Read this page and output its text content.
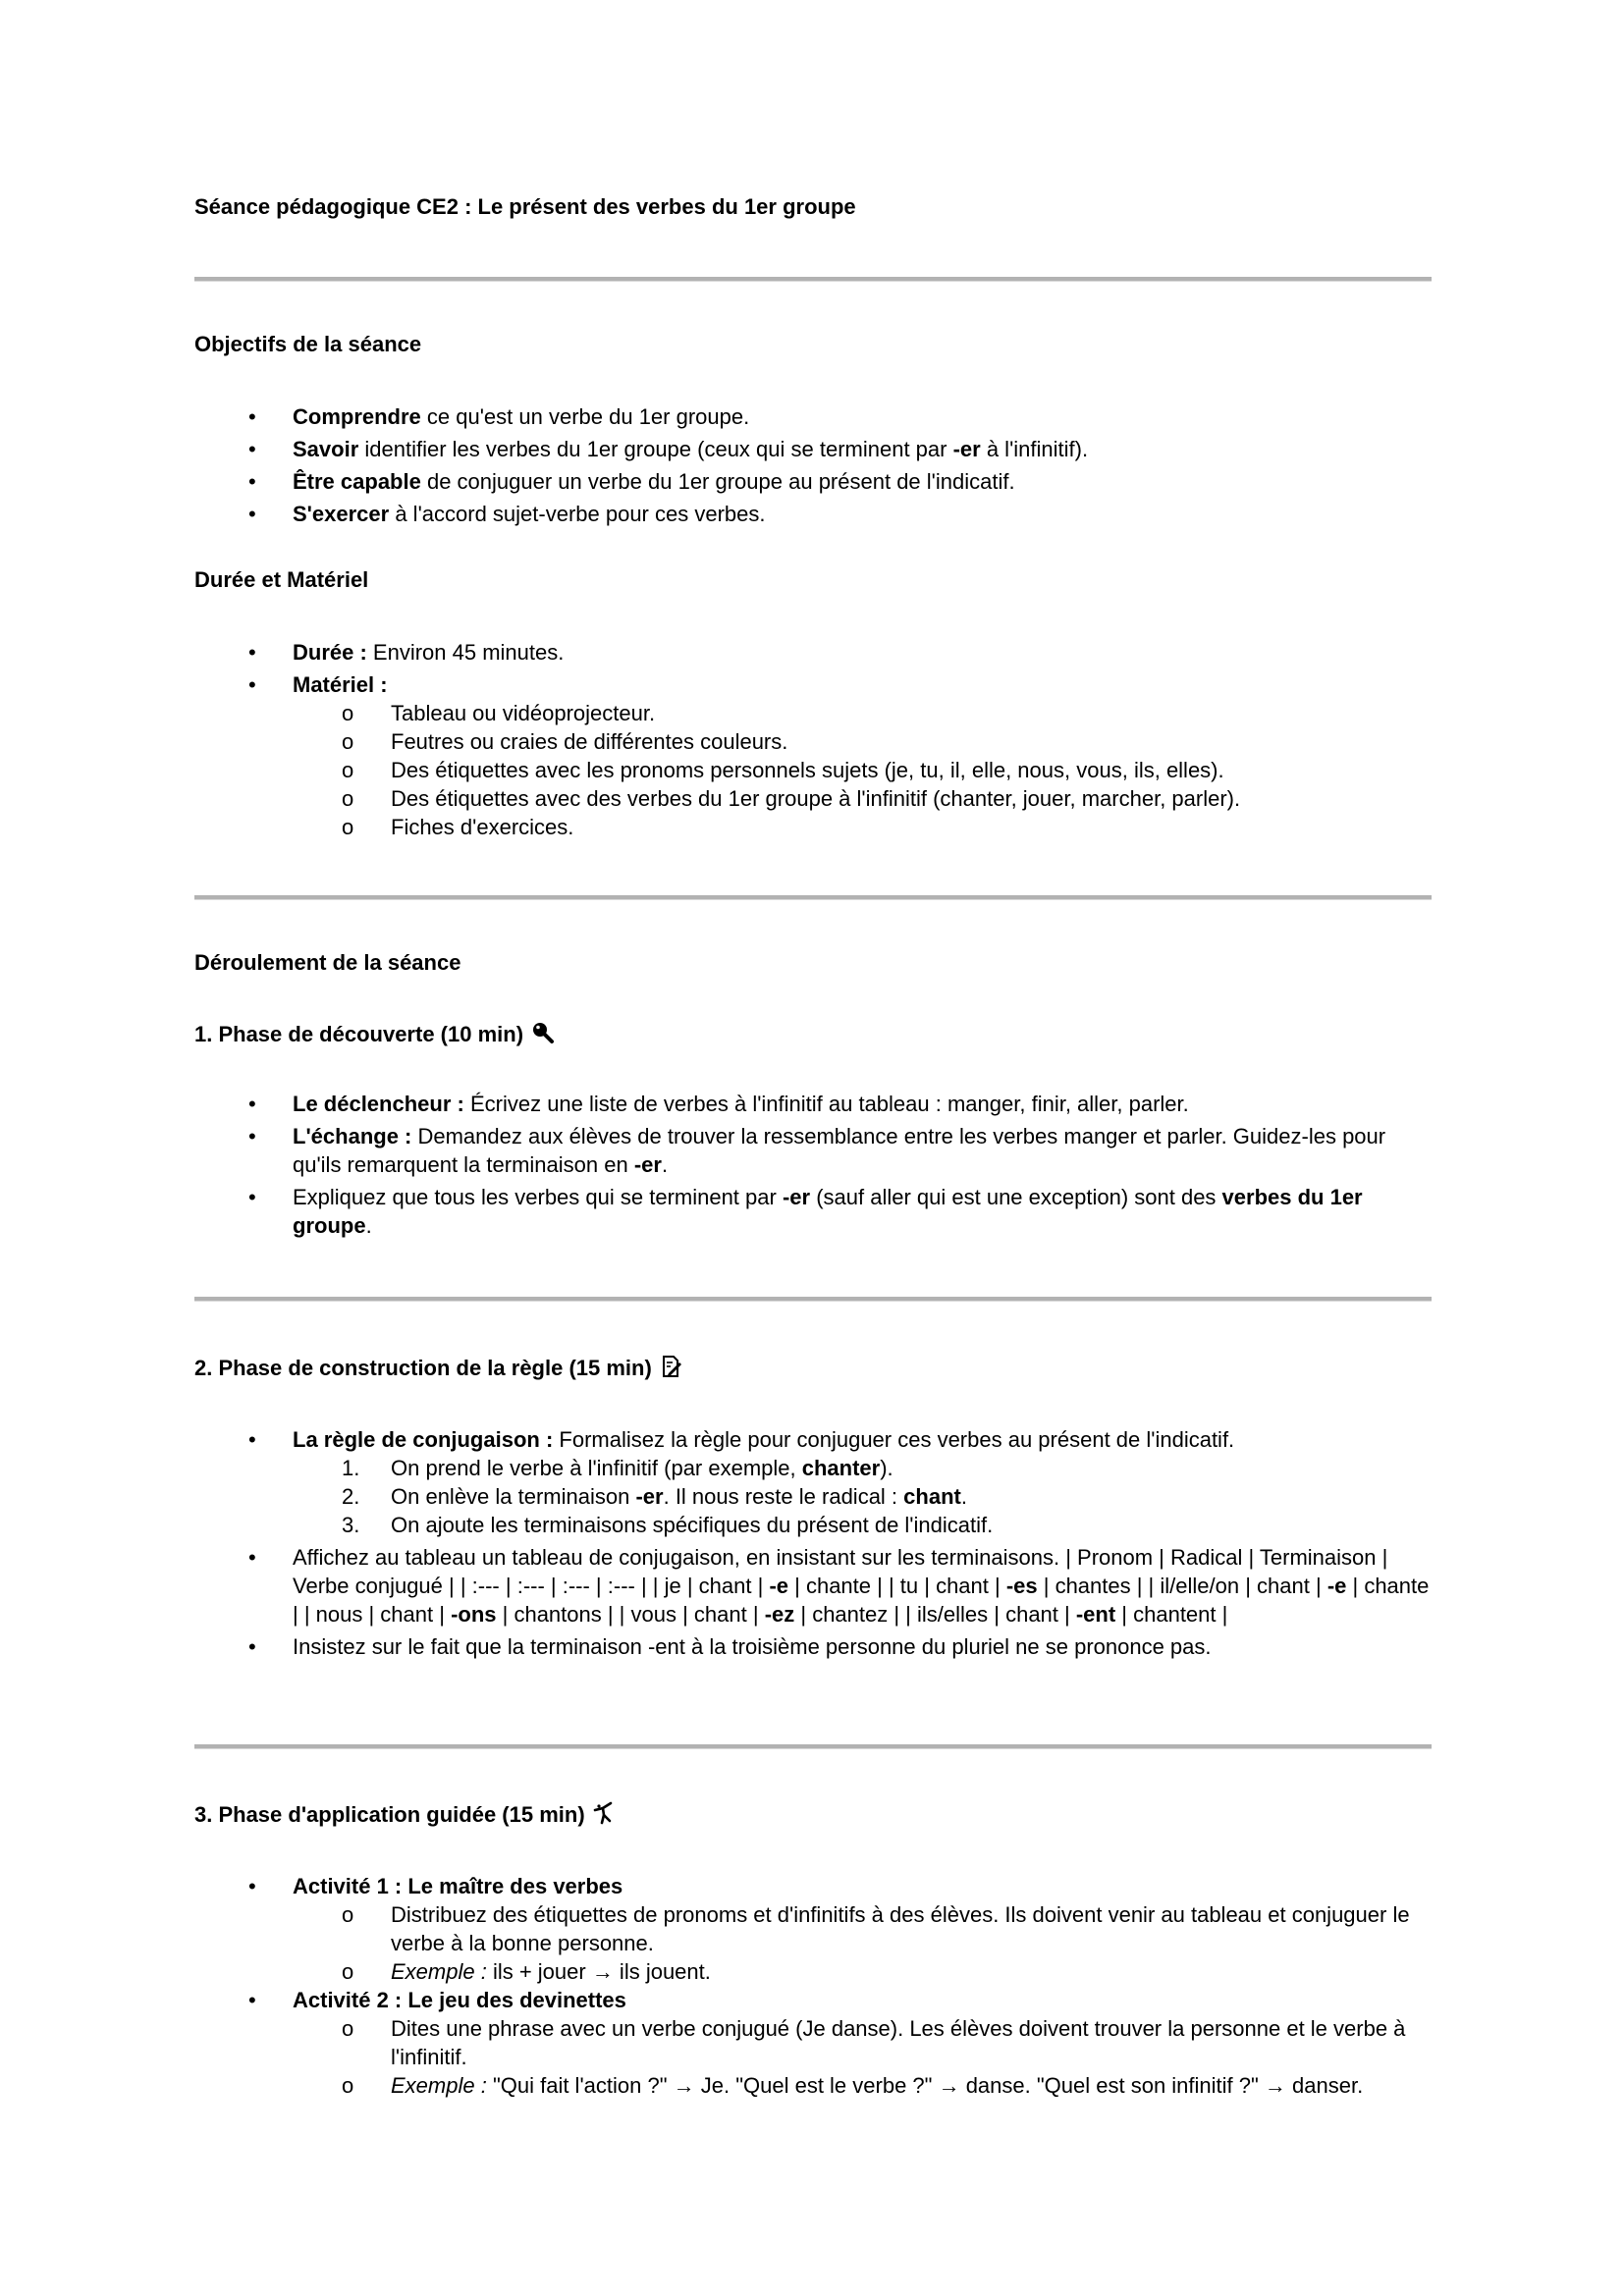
Séance pédagogique CE2 : Le présent des verbes du 1er groupe
Objectifs de la séance
• Comprendre ce qu'est un verbe du 1er groupe.
• Savoir identifier les verbes du 1er groupe (ceux qui se terminent par -er à l'infinitif).
• Être capable de conjuguer un verbe du 1er groupe au présent de l'indicatif.
• S'exercer à l'accord sujet-verbe pour ces verbes.
Durée et Matériel
• Durée : Environ 45 minutes.
• Matériel :
o Tableau ou vidéoprojecteur.
o Feutres ou craies de différentes couleurs.
o Des étiquettes avec les pronoms personnels sujets (je, tu, il, elle, nous, vous, ils, elles).
o Des étiquettes avec des verbes du 1er groupe à l'infinitif (chanter, jouer, marcher, parler).
o Fiches d'exercices.
Déroulement de la séance
1. Phase de découverte (10 min)
• Le déclencheur : Écrivez une liste de verbes à l'infinitif au tableau : manger, finir, aller, parler.
• L'échange : Demandez aux élèves de trouver la ressemblance entre les verbes manger et parler. Guidez-les pour qu'ils remarquent la terminaison en -er.
• Expliquez que tous les verbes qui se terminent par -er (sauf aller qui est une exception) sont des verbes du 1er groupe.
2. Phase de construction de la règle (15 min)
• La règle de conjugaison : Formalisez la règle pour conjuguer ces verbes au présent de l'indicatif.
1. On prend le verbe à l'infinitif (par exemple, chanter).
2. On enlève la terminaison -er. Il nous reste le radical : chant.
3. On ajoute les terminaisons spécifiques du présent de l'indicatif.
• Affichez au tableau un tableau de conjugaison, en insistant sur les terminaisons. | Pronom | Radical | Terminaison | Verbe conjugué | | :--- | :--- | :--- | :--- | | je | chant | -e | chante | | tu | chant | -es | chantes | | il/elle/on | chant | -e | chante | | nous | chant | -ons | chantons | | vous | chant | -ez | chantez | | ils/elles | chant | -ent | chantent |
• Insistez sur le fait que la terminaison -ent à la troisième personne du pluriel ne se prononce pas.
3. Phase d'application guidée (15 min)
• Activité 1 : Le maître des verbes
o Distribuez des étiquettes de pronoms et d'infinitifs à des élèves. Ils doivent venir au tableau et conjuguer le verbe à la bonne personne.
o Exemple : ils + jouer → ils jouent.
• Activité 2 : Le jeu des devinettes
o Dites une phrase avec un verbe conjugué (Je danse). Les élèves doivent trouver la personne et le verbe à l'infinitif.
o Exemple : "Qui fait l'action ?" → Je. "Quel est le verbe ?" → danse. "Quel est son infinitif ?" → danser.
